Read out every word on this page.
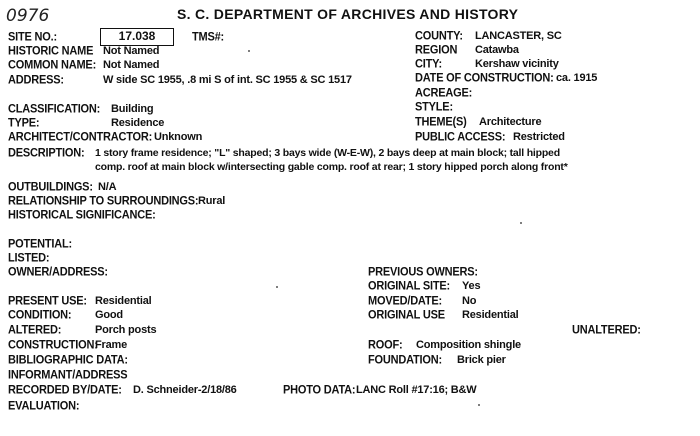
0976	S. C. DEPARTMENT OF ARCHIVES AND HISTORY
SITE NO.:	17.038	TMS#:
HISTORIC NAME Not Named
COMMON NAME: Not Named
ADDRESS:	W side SC 1955, .8 mi S of int. SC 1955 & SC 1517
CLASSIFICATION: Building
TYPE:	Residence
ARCHITECT/CONTRACTOR: Unknown
DESCRIPTION: 1 story frame residence; "L" shaped; 3 bays wide (W-E-W), 2 bays deep at main block; tall hipped
comp. roof at main block w/intersecting gable comp. roof at rear; 1 story hipped porch along front*
OUTBUILDINGS: N/A
RELATIONSHIP TO SURROUNDINGS: Rural
HISTORICAL SIGNIFICANCE:
POTENTIAL:
LISTED:
OWNER/ADDRESS:
PRESENT USE: Residential
CONDITION: Good
ALTERED:	Porch posts
CONSTRUCTION:
Frame
BIBLIOGRAPHIC DATA:
INFORMANT/ADDRESS
RECORDED BY/DATE: D. Schneider-2/18/86
EVALUATION:
COUNTY: LANCASTER, SC
REGION Catawba
CITY:	Kershaw vicinity
DATE OF CONSTRUCTION: ca. 1915
ACREAGE:
STYLE:
THEME(S) Architecture
PUBLIC ACCESS: Restricted
PREVIOUS OWNERS:
ORIGINAL SITE: Yes
MOVED/DATE: No
ORIGINAL USE Residential
UNALTERED:
ROOF: Composition shingle
FOUNDATION: Brick pier
PHOTO DATA: LANC Roll #17:16; B&W
